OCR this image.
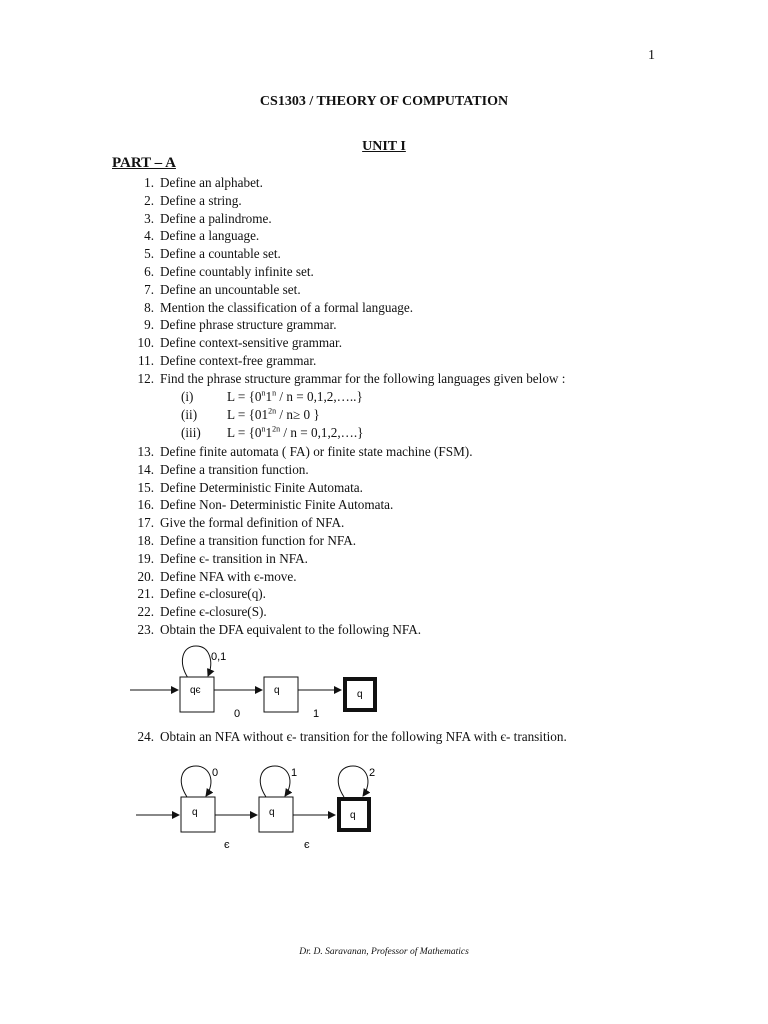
1
CS1303 / THEORY OF COMPUTATION
UNIT I
PART – A
1. Define an alphabet.
2. Define a string.
3. Define a palindrome.
4. Define a language.
5. Define a countable set.
6. Define countably infinite set.
7. Define an uncountable set.
8. Mention the classification of a formal language.
9. Define phrase structure grammar.
10. Define context-sensitive grammar.
11. Define context-free grammar.
12. Find the phrase structure grammar for the following languages given below :
(i)	$L = \{0^n1^n / n$ = 0,1,2,…..}
(ii) $L = \{01^{2n} / n\ge 0$ }
(iii) $L = \{0^n1^{2n} / n$ = 0,1,2,….}
13. Define finite automata ( FA) or finite state machine (FSM).
14. Define a transition function.
15. Define Deterministic Finite Automata.
16. Define Non- Deterministic Finite Automata.
17. Give the formal definition of NFA.
18. Define a transition function for NFA.
19. Define є- transition in NFA.
20. Define NFA with є-move.
21. Define є-closure(q).
22. Define є-closure(S).
23. Obtain the DFA equivalent to the following NFA.
0,1
qє
0
q
1
q
24. Obtain an NFA without є- transition for the following NFA with є- transition.
0	1	2
q
є
q
є
q
Dr. D. Saravanan, Professor of Mathematics
